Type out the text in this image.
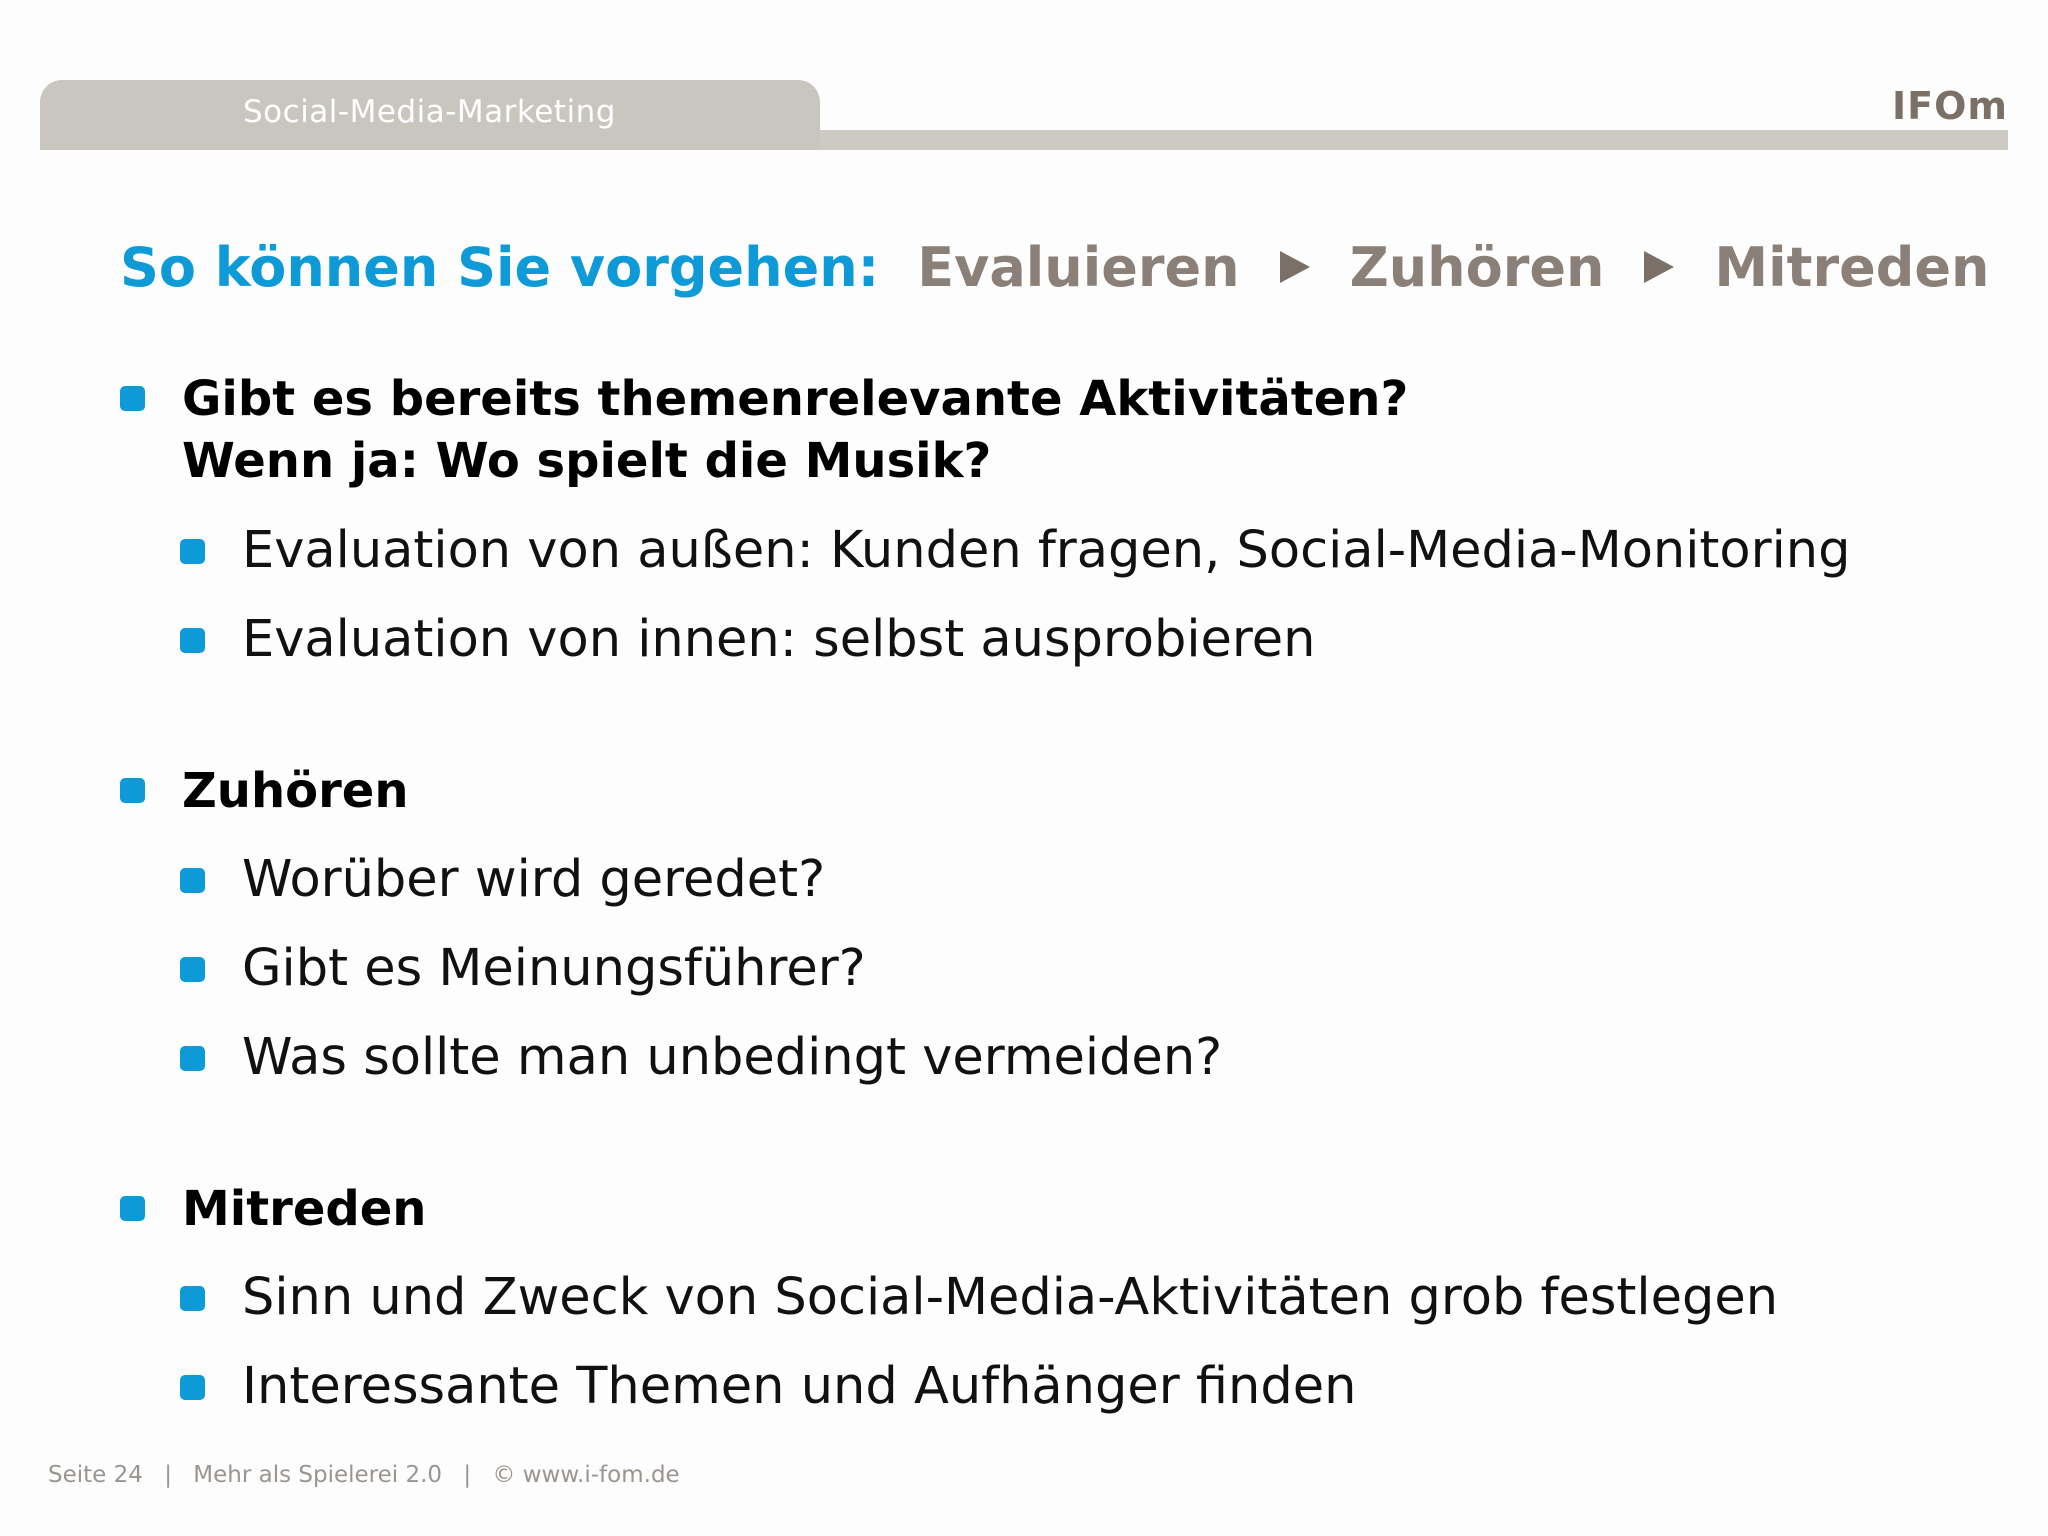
Social-Media-Marketing	IFOm
So können Sie vorgehen: Evaluieren Zuhören Mitreden
Gibt es bereits themenrelevante Aktivitäten?
Wenn ja: Wo spielt die Musik?
Evaluation von außen: Kunden fragen, Social-Media-Monitoring
Evaluation von innen: selbst ausprobieren
Zuhören
Worüber wird geredet?
Gibt es Meinungsführer?
Was sollte man unbedingt vermeiden?
Mitreden
Sinn und Zweck von Social-Media-Aktivitäten grob festlegen
Interessante Themen und Aufhänger finden
Seite 24 | Mehr als Spielerei 2.0 | © www.i-fom.de
